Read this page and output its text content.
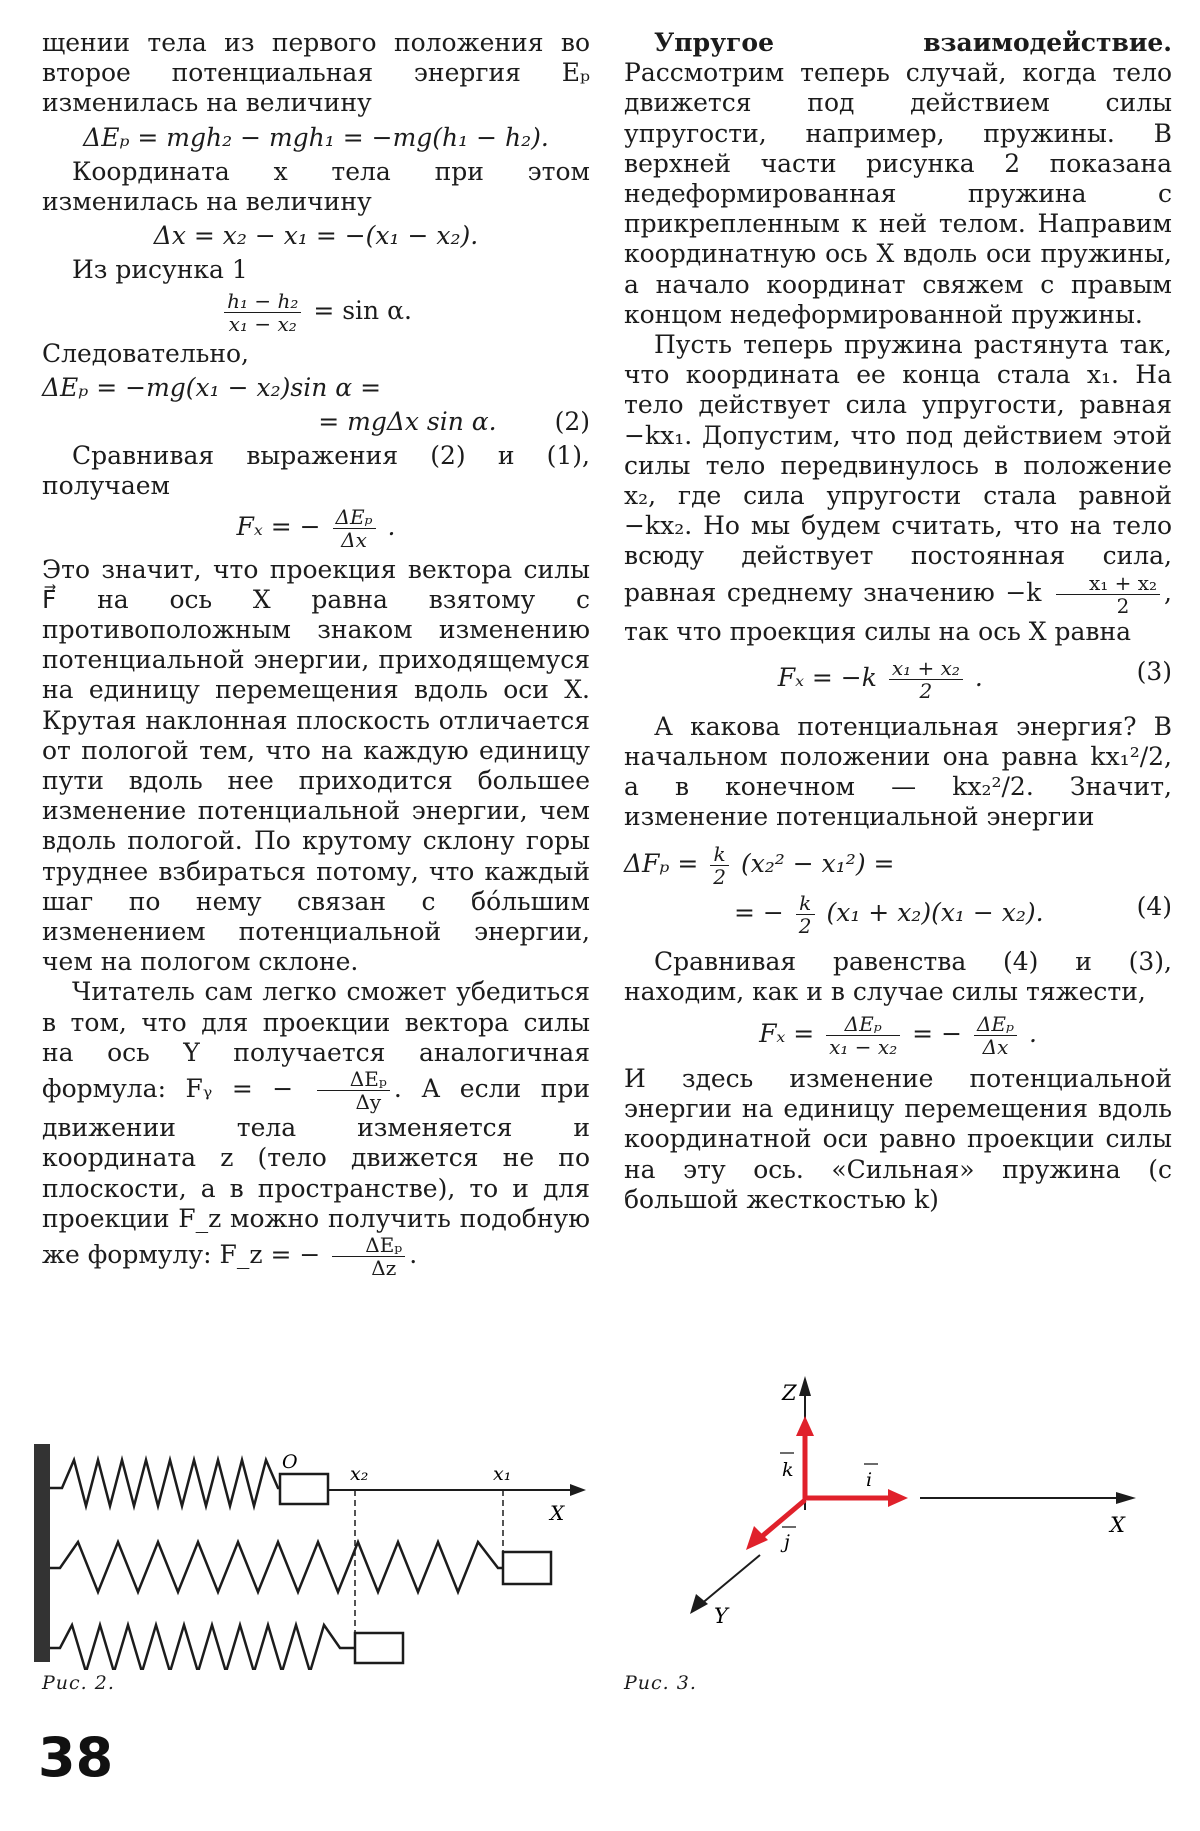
щении тела из первого положения во второе потенциальная энергия Eₚ изменилась на величину

ΔEₚ = mgh₂ − mgh₁ = −mg(h₁ − h₂).

Координата x тела при этом изменилась на величину

Δx = x₂ − x₁ = −(x₁ − x₂).

Из рисунка 1

$\frac{\text{h₁ − h₂}}{\text{x₁ − x₂}} = \sin \alpha$.

Следовательно,

ΔEₚ = −mg(x₁ − x₂)sin α =
= mgΔx sin α. (2)

Сравнивая выражения (2) и (1), получаем

Fₓ = − $\frac{\text{ΔEₚ}}{\Delta x}$ .

Это значит, что проекция вектора силы F⃗ на ось X равна взятому с противоположным знаком изменению потенциальной энергии, приходящемуся на единицу перемещения вдоль оси X. Крутая наклонная плоскость отличается от пологой тем, что на каждую единицу пути вдоль нее приходится большее изменение потенциальной энергии, чем вдоль пологой. По крутому склону горы труднее взбираться потому, что каждый шаг по нему связан с бо́льшим изменением потенциальной энергии, чем на пологом склоне.

Читатель сам легко сможет убедиться в том, что для проекции вектора силы на ось Y получается аналогичная формула: Fᵧ = − $\frac{\text{ΔEₚ}}{\Delta y}$ . А если при движении тела изменяется и координата z (тело движется не по плоскости, а в пространстве), то и для проекции F_z можно получить подобную же формулу: F_z = − $\frac{\text{ΔEₚ}}{\Delta z}$ .

Упругое взаимодействие. Рассмотрим теперь случай, когда тело движется под действием силы упругости, например, пружины. В верхней части рисунка 2 показана недеформированная пружина с прикрепленным к ней телом. Направим координатную ось X вдоль оси пружины, а начало координат свяжем с правым концом недеформированной пружины.

Пусть теперь пружина растянута так, что координата ее конца стала x₁. На тело действует сила упругости, равная −kx₁. Допустим, что под действием этой силы тело передвинулось в положение x₂, где сила упругости стала равной −kx₂. Но мы будем считать, что на тело всюду действует постоянная сила, равная среднему значению $-k \frac{\text{x₁ + x₂}}{2}$ , так что проекция силы на ось X равна

$F_x = -k \frac{\text{x₁ + x₂}}{2}$ .	(3)

А какова потенциальная энергия? В начальном положении она равна kx₁²/2, а в конечном — kx₂²/2. Значит, изменение потенциальной энергии

$\Delta F_p = \frac{k}{2} (x_2^2 - x_1^2)$ =
= − $\frac{k}{2} (x_1 + x_2)(x_1 - x_2)$.	(4)

Сравнивая равенства (4) и (3), находим, как и в случае силы тяжести,

$F_x = \frac{\text{ΔEₚ}}{\text{x₁ − x₂}}$ = − $\frac{\text{ΔEₚ}}{\Delta x}$ .

И здесь изменение потенциальной энергии на единицу перемещения вдоль координатной оси равно проекции силы на эту ось. «Сильная» пружина (с большой жесткостью k)

O
x₂	x₁
X
Рис. 2.
Z
X
Y
i
k
j
Рис. 3.
38
